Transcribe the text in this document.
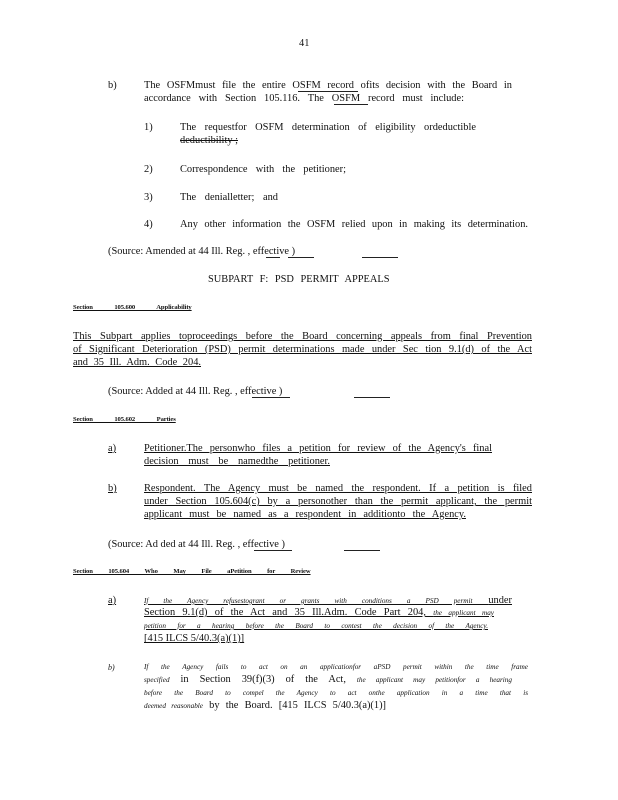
41
b)	The OSFMmust file the entire OSFM record ofits decision with the Board in
accordance with Section 105.116. The OSFM record must include:
1)	The requestfor OSFM determination of eligibility ordeductible
deductibility ;
2)	Correspondence with the petitioner;
3)	The denialletter; and
4)	Any other information the OSFM relied upon in making its determination.
(Source: Amended at 44 Ill. Reg. , effective )
SUBPART F: PSD PERMIT APPEALS
Section 105.600 Applicability
This Subpart applies toproceedings before the Board concerning appeals from final Prevention
of Significant Deterioration (PSD) permit determinations made under Sec tion 9.1(d) of the Act
and 35 Ill. Adm. Code 204.
(Source: Added at 44 Ill. Reg. , effective )
Section 105.602 Parties
a)	Petitioner.The personwho files a petition for review of the Agency's final
decision must be namedthe petitioner.
b)	Respondent. The Agency must be named the respondent. If a petition is filed
under Section 105.604(c) by a personother than the permit applicant, the permit
applicant must be named as a respondent in additionto the Agency.
(Source: Ad ded at 44 Ill. Reg. , effective )
Section 105.604 Who May File aPetition for Review
a)	If the Agency refusestogrant or grants with conditions a PSD permit under
Section 9.1(d) of the Act and 35 Ill.Adm. Code Part 204, the applicant may
petition for a hearing before the Board to contest the decision of the Agency.
[415 ILCS 5/40.3(a)(1)]
b)	If the Agency fails to act on an applicationfor aPSD permit within the time frame
specified in Section 39(f)(3) of the Act, the applicant may petitionfor a hearing
before the Board to compel the Agency to act onthe application in a time that is
deemed reasonable by the Board. [415 ILCS 5/40.3(a)(1)]
